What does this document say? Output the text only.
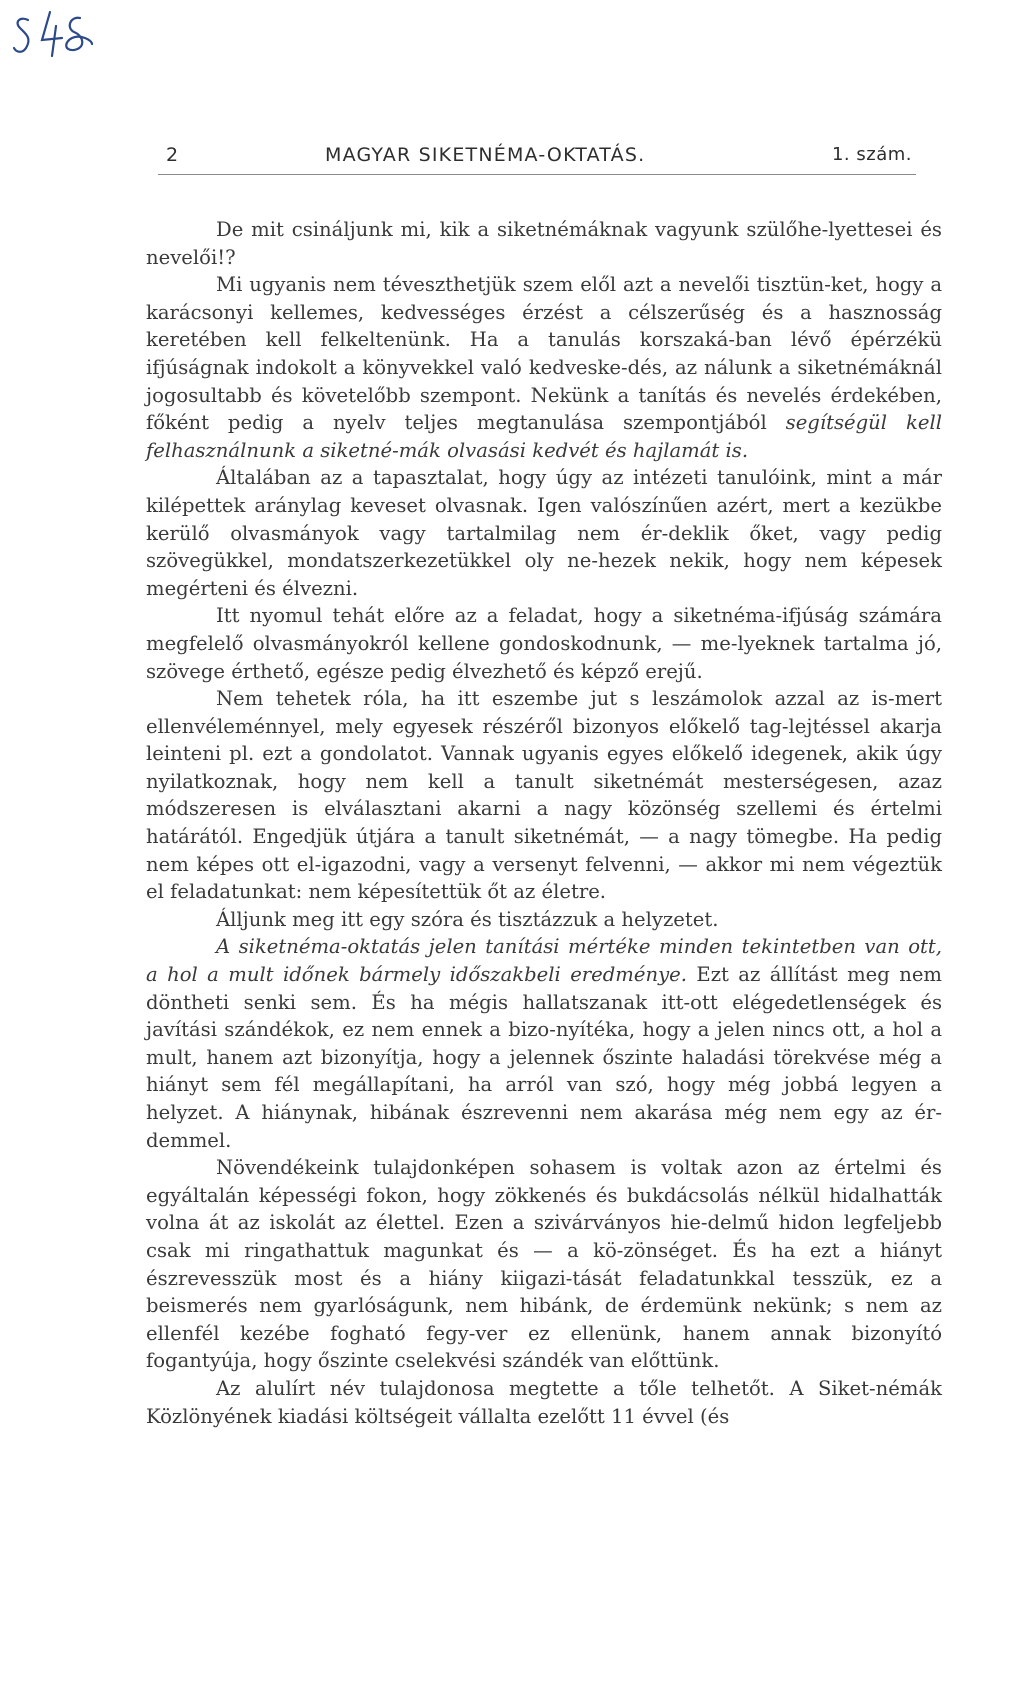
2	MAGYAR SIKETNÉMA-OKTATÁS.	1. szám.

De mit csináljunk mi, kik a siketnémáknak vagyunk szülőhe-lyettesei és nevelői!?

Mi ugyanis nem téveszthetjük szem elől azt a nevelői tisztün-ket, hogy a karácsonyi kellemes, kedvességes érzést a célszerűség és a hasznosság keretében kell felkeltenünk. Ha a tanulás korszaká-ban lévő épérzékü ifjúságnak indokolt a könyvekkel való kedveske-dés, az nálunk a siketnémáknál jogosultabb és követelőbb szempont. Nekünk a tanítás és nevelés érdekében, főként pedig a nyelv teljes megtanulása szempontjából segítségül kell felhasználnunk a siketné-mák olvasási kedvét és hajlamát is.

Általában az a tapasztalat, hogy úgy az intézeti tanulóink, mint a már kilépettek aránylag keveset olvasnak. Igen valószínűen azért, mert a kezükbe kerülő olvasmányok vagy tartalmilag nem ér-deklik őket, vagy pedig szövegükkel, mondatszerkezetükkel oly ne-hezek nekik, hogy nem képesek megérteni és élvezni.

Itt nyomul tehát előre az a feladat, hogy a siketnéma-ifjúság számára megfelelő olvasmányokról kellene gondoskodnunk, — me-lyeknek tartalma jó, szövege érthető, egésze pedig élvezhető és képző erejű.

Nem tehetek róla, ha itt eszembe jut s leszámolok azzal az is-mert ellenvéleménnyel, mely egyesek részéről bizonyos előkelő tag-lejtéssel akarja leinteni pl. ezt a gondolatot. Vannak ugyanis egyes előkelő idegenek, akik úgy nyilatkoznak, hogy nem kell a tanult siketnémát mesterségesen, azaz módszeresen is elválasztani akarni a nagy közönség szellemi és értelmi határától. Engedjük útjára a tanult siketnémát, — a nagy tömegbe. Ha pedig nem képes ott el-igazodni, vagy a versenyt felvenni, — akkor mi nem végeztük el feladatunkat: nem képesítettük őt az életre.

Álljunk meg itt egy szóra és tisztázzuk a helyzetet.

A siketnéma-oktatás jelen tanítási mértéke minden tekintetben van ott, a hol a mult időnek bármely időszakbeli eredménye. Ezt az állítást meg nem döntheti senki sem. És ha mégis hallatszanak itt-ott elégedetlenségek és javítási szándékok, ez nem ennek a bizo-nyítéka, hogy a jelen nincs ott, a hol a mult, hanem azt bizonyítja, hogy a jelennek őszinte haladási törekvése még a hiányt sem fél megállapítani, ha arról van szó, hogy még jobbá legyen a helyzet. A hiánynak, hibának észrevenni nem akarása még nem egy az ér-demmel.

Növendékeink tulajdonképen sohasem is voltak azon az értelmi és egyáltalán képességi fokon, hogy zökkenés és bukdácsolás nélkül hidalhatták volna át az iskolát az élettel. Ezen a szivárványos hie-delmű hidon legfeljebb csak mi ringathattuk magunkat és — a kö-zönséget. És ha ezt a hiányt észrevesszük most és a hiány kiigazi-tását feladatunkkal tesszük, ez a beismerés nem gyarlóságunk, nem hibánk, de érdemünk nekünk; s nem az ellenfél kezébe fogható fegy-ver ez ellenünk, hanem annak bizonyító fogantyúja, hogy őszinte cselekvési szándék van előttünk.

Az alulírt név tulajdonosa megtette a tőle telhetőt. A Siket-némák Közlönyének kiadási költségeit vállalta ezelőtt 11 évvel (és
